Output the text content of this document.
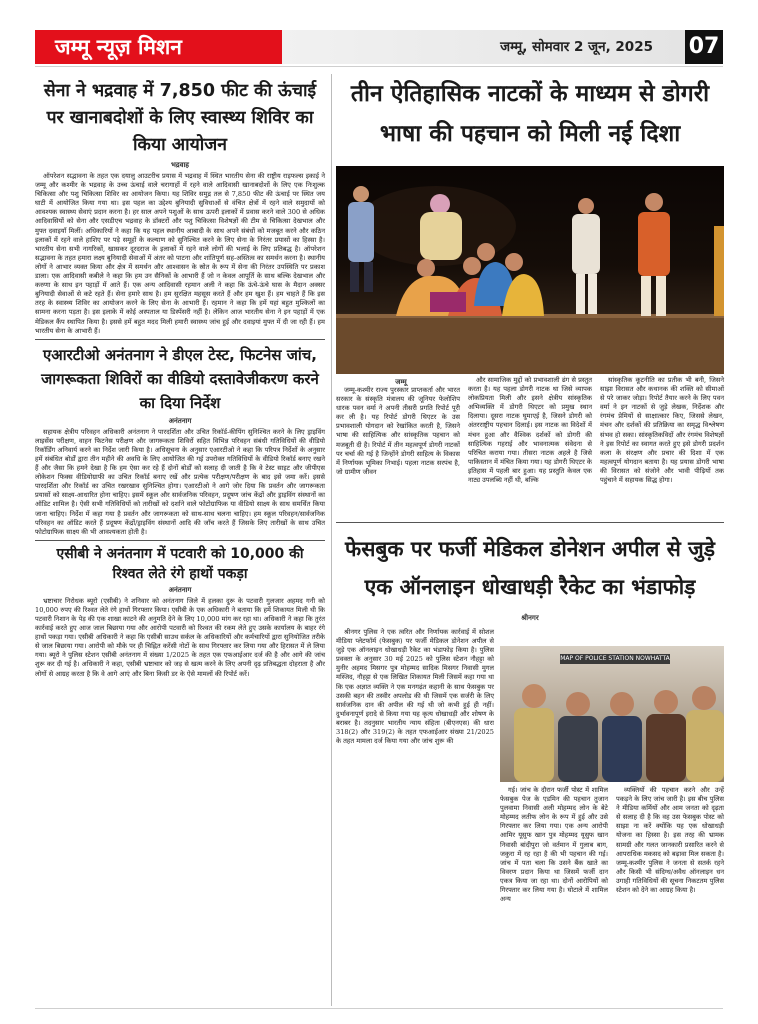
जम्मू न्यूज़ मिशन	जम्मू, सोमवार 2 जून, 2025 07
सेना ने भद्रवाह में 7,850 फीट की ऊंचाई पर खानाबदोशों के लिए स्वास्थ्य शिविर का किया आयोजन
भद्रवाह

ऑपरेशन सद्भावना के तहत एक दयालु आउटरीच प्रयास में भद्रवाह में स्थित भारतीय सेना की राष्ट्रीय राइफल्स इकाई ने जम्मू और कश्मीर के भद्रवाह के उच्च ऊंचाई वाले चरागाहों में रहने वाले आदिवासी खानाबदोशों के लिए एक निःशुल्क चिकित्सा और पशु चिकित्सा शिविर का आयोजन किया। यह शिविर समुद्र तल से 7,850 फीट की ऊंचाई पर स्थित जय घाटी में आयोजित किया गया था। इस पहल का उद्देश्य बुनियादी सुविधाओं से वंचित क्षेत्रों में रहने वाले समुदायों को आवश्यक स्वास्थ्य सेवाएं प्रदान करना है। हर साल अपने पशुओं के साथ ऊपरी इलाकों में प्रवास करने वाले 300 से अधिक आदिवासियों को सेना और एसडीएच भद्रवाह के डॉक्टरों और पशु चिकित्सा विशेषज्ञों की टीम से चिकित्सा देखभाल और मुफ्त दवाइयाँ मिलीं। अधिकारियों ने कहा कि यह पहल स्थानीय आबादी के साथ अपने संबंधों को मजबूत करने और कठिन इलाकों में रहने वाले हाशिए पर पड़े समूहों के कल्याण को सुनिश्चित करने के लिए सेना के निरंतर प्रयासों का हिस्सा है। भारतीय सेना सभी नागरिकों, खासकर दूरदराज के इलाकों में रहने वाले लोगों की भलाई के लिए प्रतिबद्ध है। ऑपरेशन सद्भावना के तहत हमारा लक्ष्य बुनियादी सेवाओं में अंतर को पाटना और शांतिपूर्ण सह-अस्तित्व का समर्थन करना है। स्थानीय लोगों ने आभार व्यक्त किया और क्षेत्र में समर्थन और आश्वासन के स्रोत के रूप में सेना की निरंतर उपस्थिति पर प्रकाश डाला। एक आदिवासी कबीले ने कहा कि हम उन सैनिकों के आभारी हैं जो न केवल आपूर्ति के साथ बल्कि देखभाल और करुणा के साथ इन पहाड़ों में आते हैं। एक अन्य आदिवासी रहमान अली ने कहा कि ऊंचे-ऊंचे घास के मैदान अक्सर बुनियादी सेवाओं से कटे रहते हैं। सेना हमारे साथ है। हम सुरक्षित महसूस करते हैं और हम खुश हैं। हम चाहते हैं कि इस तरह के स्वास्थ्य शिविर का आयोजन करने के लिए सेना के आभारी हैं। रहमान ने कहा कि हमें यहां बहुत मुश्किलों का सामना करना पड़ता है। इस इलाके में कोई अस्पताल या डिस्पेंसरी नहीं है। लेकिन आज भारतीय सेना ने इन पहाड़ों में एक मेडिकल कैंप स्थापित किया है। इससे हमें बहुत मदद मिली हमारी स्वास्थ्य जांच हुई और दवाइयां मुफ्त में दी जा रही हैं। हम भारतीय सेना के आभारी हैं।

एआरटीओ अनंतनाग ने डीएल टेस्ट, फिटनेस जांच, जागरूकता शिविरों का वीडियो दस्तावेजीकरण करने का दिया निर्देश
अनंतनाग

सहायक क्षेत्रीय परिवहन अधिकारी अनंतनाग ने पारदर्शिता और उचित रिकॉर्ड-कीपिंग सुनिश्चित करने के लिए ड्राइविंग लाइसेंस परीक्षण, वाहन फिटनेस परीक्षण और जागरूकता शिविरों सहित विभिन्न परिवहन संबंधी गतिविधियों की वीडियो रिकॉर्डिंग अनिवार्य करने का निर्देश जारी किया है। अधिसूचना के अनुसार एआरटीओ ने कहा कि परिपत्र निर्देशों के अनुसार हमें संबंधित बोर्डों द्वारा तीन महीने की अवधि के लिए आयोजित की गई उपरोक्त गतिविधियों के वीडियो रिकॉर्ड बनाए रखने हैं और जैसा कि हमने देखा है कि हम ऐसा कर रहे हैं दोनों बोर्डों को सलाह दी जाती है कि वे टेस्ट साइट और जीपीएस लोकेशन फिक्स वीडियोग्राफी का उचित रिकॉर्ड बनाए रखें और प्रत्येक परीक्षण/परीक्षण के बाद इसे जमा करें। इससे पारदर्शिता और रिकॉर्ड का उचित रखरखाव सुनिश्चित होगा। एआरटीओ ने आगे जोर दिया कि प्रवर्तन और जागरूकता प्रयासों को साक्ष्य-आधारित होना चाहिए। इसमें स्कूल और सार्वजनिक परिवहन, प्रदूषण जांच केंद्रों और ड्राइविंग संस्थानों का ऑडिट शामिल है। ऐसी सभी गतिविधियों को तारीखों को दर्शाने वाले फोटोग्राफिक या वीडियो साक्ष्य के साथ समर्थित किया जाना चाहिए। निर्देश में कहा गया है प्रवर्तन और जागरूकता को साथ-साथ चलना चाहिए। हम स्कूल परिवहन/सार्वजनिक परिवहन का ऑडिट करते हैं प्रदूषण केंद्रों/ड्राइविंग संस्थानों आदि की जाँच करते हैं जिसके लिए तारीखों के साथ उचित फोटोग्राफिक साक्ष्य की भी आवश्यकता होती है।

एसीबी ने अनंतनाग में पटवारी को 10,000 की रिश्वत लेते रंगे हाथों पकड़ा
अनंतनाग

भ्रष्टाचार निरोधक ब्यूरो (एसीबी) ने शनिवार को अनंतनाग जिले में हलका दुरू के पटवारी गुलजार अहमद गनी को 10,000 रुपए की रिश्वत लेते रंगे हाथों गिरफ्तार किया। एसीबी के एक अधिकारी ने बताया कि हमें शिकायत मिली थी कि पटवारी निशान के पेड़ की एक शाखा काटने की अनुमति देने के लिए 10,000 मांग कर रहा था। अधिकारी ने कहा कि तुरंत कार्रवाई करते हुए आज जाल बिछाया गया और आरोपी पटवारी को रिश्वत की रकम लेते हुए उसके कार्यालय के बाहर रंगे हाथों पकड़ा गया। एसीबी अधिकारी ने कहा कि एसीबी साउथ सर्कल के अधिकारियों और कर्मचारियों द्वारा सुनियोजित तरीके से जाल बिछाया गया। आरोपी को मौके पर ही चिह्नित करेंसी नोटों के साथ गिरफ्तार कर लिया गया और हिरासत में ले लिया गया। ब्यूरो ने पुलिस स्टेशन एसीबी अनंतनाग में संख्या 1/2025 के तहत एक एफआईआर दर्ज की है और आगे की जांच शुरू कर दी गई है। अधिकारी ने कहा, एसीबी भ्रष्टाचार को जड़ से खत्म करने के लिए अपनी दृढ़ प्रतिबद्धता दोहराता है और लोगों से आग्रह करता है कि वे आगे आएं और बिना किसी डर के ऐसे मामलों की रिपोर्ट करें।

तीन ऐतिहासिक नाटकों के माध्यम से डोगरी भाषा की पहचान को मिली नई दिशा
जम्मू

जम्मू-कश्मीर राज्य पुरस्कार प्राप्तकर्ता और भारत सरकार के संस्कृति मंत्रालय की जूनियर फेलोशिप धारक पवन वर्मा ने अपनी तीसरी प्रगति रिपोर्ट पूरी कर ली है। यह रिपोर्ट डोगरी थिएटर के उस प्रभावशाली योगदान को रेखांकित करती है, जिसने भाषा की साहित्यिक और सांस्कृतिक पहचान को मजबूती दी है। रिपोर्ट में तीन महत्वपूर्ण डोगरी नाटकों पर चर्चा की गई है जिन्होंने डोगरी साहित्य के विकास में निर्णायक भूमिका निभाई। पहला नाटक सरपंच है, जो ग्रामीण जीवन

और सामाजिक मुद्दों को प्रभावशाली ढंग से प्रस्तुत करता है। यह पहला डोगरी नाटक था जिसे व्यापक लोकप्रियता मिली और इसने क्षेत्रीय सांस्कृतिक अभिव्यक्ति में डोगरी थिएटर को प्रमुख स्थान दिलाया। दूसरा नाटक घुमाएई है, जिसने डोगरी को अंतरराष्ट्रीय पहचान दिलाई। इस नाटक का विदेशों में मंचन हुआ और वैश्विक दर्शकों को डोगरी की साहित्यिक गहराई और भावनात्मक संवेदना से परिचित कराया गया। तीसरा नाटक अहले है जिसे पाकिस्तान में मंचित किया गया। यह डोगरी थिएटर के इतिहास में पहली बार हुआ। यह प्रस्तुति केवल एक नाट्य उपलब्धि नहीं थी, बल्कि

सांस्कृतिक कूटनीति का प्रतीक भी बनी, जिसने साझा विरासत और कथानक की शक्ति को सीमाओं से परे जाकर जोड़ा। रिपोर्ट तैयार करने के लिए पवन वर्मा ने इन नाटकों से जुड़े लेखक, निर्देशक और रंगमंच प्रेमियों से साक्षात्कार किए, जिससे लेखन, मंचन और दर्शकों की प्रतिक्रिया का समृद्ध विश्लेषण संभव हो सका। सांस्कृतिकविदों और रंगमंच विशेषज्ञों ने इस रिपोर्ट का स्वागत करते हुए इसे डोगरी प्रदर्शन कला के संरक्षण और प्रचार की दिशा में एक महत्वपूर्ण योगदान बताया है। यह प्रयास डोगरी भाषा की विरासत को संजोने और भावी पीढ़ियों तक पहुंचाने में सहायक सिद्ध होगा।

फेसबुक पर फर्जी मेडिकल डोनेशन अपील से जुड़े एक ऑनलाइन धोखाधड़ी रैकेट का भंडाफोड़
श्रीनगर

श्रीनगर पुलिस ने एक त्वरित और निर्णायक कार्रवाई में सोशल मीडिया प्लेटफॉर्म (फेसबुक) पर फर्जी मेडिकल डोनेशन अपील से जुड़े एक ऑनलाइन धोखाधड़ी रैकेट का भंडाफोड़ किया है। पुलिस प्रवक्ता के अनुसार 30 मई 2025 को पुलिस स्टेशन नौहट्टा को मुनीर अहमद मिसगर पुत्र मोहम्मद सादिक मिसगर निवासी मुगल मस्जिद, नौहट्टा से एक लिखित शिकायत मिली जिसमें कहा गया था कि एक अज्ञात व्यक्ति ने एक मनगढ़ंत कहानी के साथ फेसबुक पर उसकी बहन की तस्वीर अपलोड की थी जिसमें एक सर्जरी के लिए सार्वजनिक दान की अपील की गई थी जो कभी हुई ही नहीं। दुर्भावनापूर्ण इरादे से किया गया यह कृत्य धोखाधड़ी और शोषण के बराबर है। तदनुसार भारतीय न्याय संहिता (बीएनएस) की धारा 318(2) और 319(2) के तहत एफआईआर संख्या 21/2025 के तहत मामला दर्ज किया गया और जांच शुरू की

MAP OF POLICE STATION NOWHATTA

गई। जांच के दौरान फर्जी पोस्ट में शामिल फेसबुक पेज के एडमिन की पहचान तुजान पुलवामा निवासी अली मोहम्मद लोन के बेटे मोहम्मद लतीफ लोन के रूप में हुई और उसे गिरफ्तार कर लिया गया। एक अन्य आरोपी आमिर यूसुफ खान पुत्र मोहम्मद यूसुफ खान निवासी बांदीपुरा जो वर्तमान में गुलाब बाग, जकुरा में रह रहा है की भी पहचान की गई। जांच में पता चला कि उसने बैंक खाते का विवरण प्रदान किया था जिसमें फर्जी दान एकत्र किया जा रहा था। दोनों आरोपियों को गिरफ्तार कर लिया गया है। घोटाले में शामिल अन्य

व्यक्तियों की पहचान करने और उन्हें पकड़ने के लिए जांच जारी है। इस बीच पुलिस ने मीडिया कर्मियों और आम जनता को दृढ़ता से सलाह दी है कि वह उस फेसबुक पोस्ट को साझा ना करें क्योंकि यह एक धोखाधड़ी योजना का हिस्सा है। इस तरह की भ्रामक सामग्री और गलत जानकारी प्रसारित करने से आपराधिक मकसद को बढ़ावा मिल सकता है। जम्मू-कश्मीर पुलिस ने जनता से सतर्क रहने और किसी भी संदिग्ध/अवैध ऑनलाइन धन उगाही गतिविधियों की सूचना निकटतम पुलिस स्टेशन को देने का आग्रह किया है।
